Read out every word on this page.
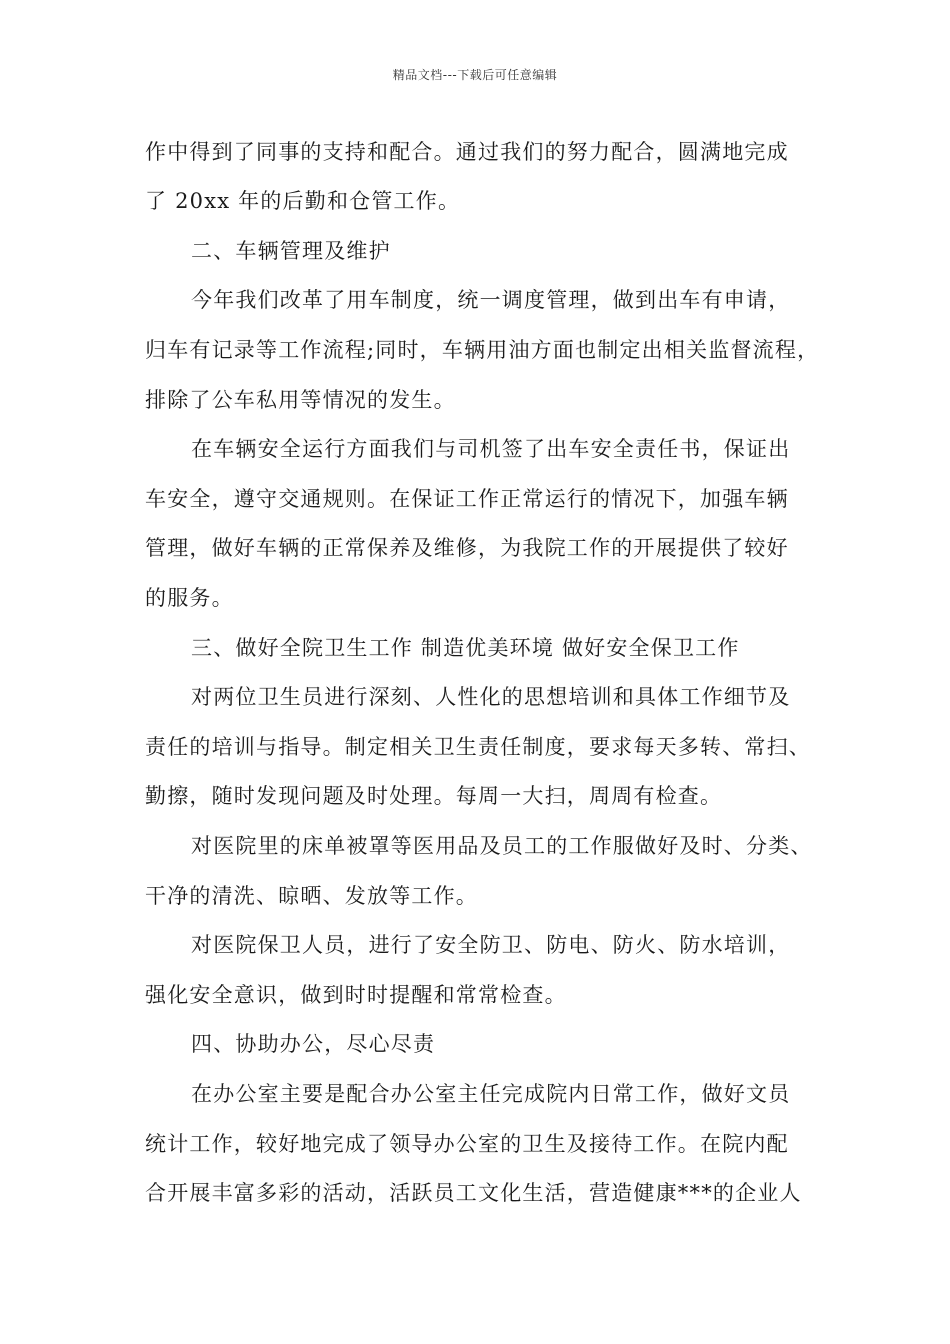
精品文档---下载后可任意编辑
作中得到了同事的支持和配合。通过我们的努力配合，圆满地完成
了 20xx 年的后勤和仓管工作。
二、车辆管理及维护
今年我们改革了用车制度，统一调度管理，做到出车有申请，
归车有记录等工作流程;同时，车辆用油方面也制定出相关监督流程，
排除了公车私用等情况的发生。
在车辆安全运行方面我们与司机签了出车安全责任书，保证出
车安全，遵守交通规则。在保证工作正常运行的情况下，加强车辆
管理，做好车辆的正常保养及维修，为我院工作的开展提供了较好
的服务。
三、做好全院卫生工作 制造优美环境 做好安全保卫工作
对两位卫生员进行深刻、人性化的思想培训和具体工作细节及
责任的培训与指导。制定相关卫生责任制度，要求每天多转、常扫、
勤擦，随时发现问题及时处理。每周一大扫，周周有检查。
对医院里的床单被罩等医用品及员工的工作服做好及时、分类、
干净的清洗、晾晒、发放等工作。
对医院保卫人员，进行了安全防卫、防电、防火、防水培训，
强化安全意识，做到时时提醒和常常检查。
四、协助办公，尽心尽责
在办公室主要是配合办公室主任完成院内日常工作，做好文员
统计工作，较好地完成了领导办公室的卫生及接待工作。在院内配
合开展丰富多彩的活动，活跃员工文化生活，营造健康***的企业人
